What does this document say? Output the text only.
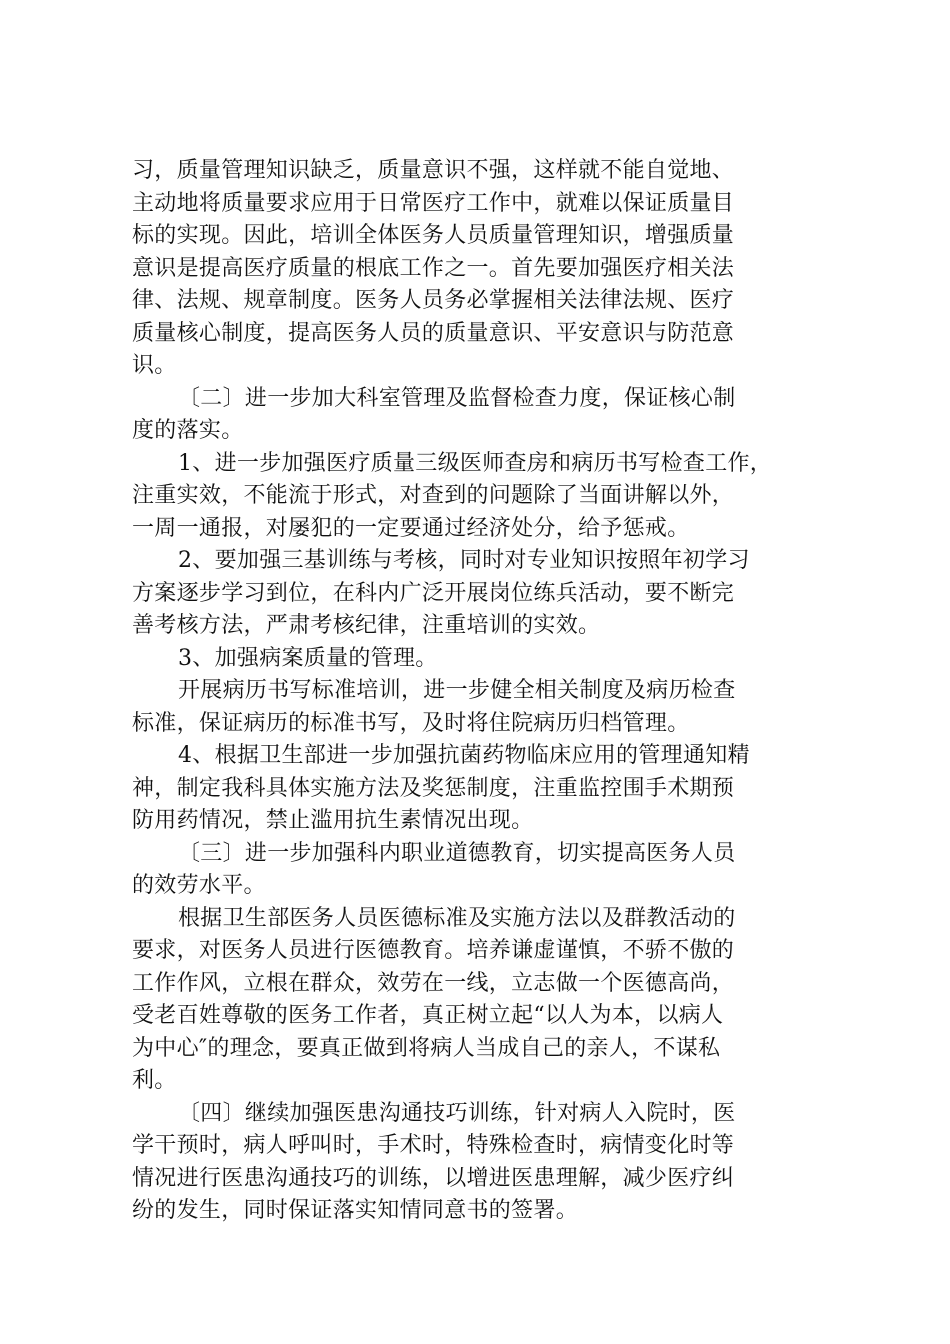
习，质量管理知识缺乏，质量意识不强，这样就不能自觉地、
主动地将质量要求应用于日常医疗工作中，就难以保证质量目
标的实现。因此，培训全体医务人员质量管理知识，增强质量
意识是提高医疗质量的根底工作之一。首先要加强医疗相关法
律、法规、规章制度。医务人员务必掌握相关法律法规、医疗
质量核心制度，提高医务人员的质量意识、平安意识与防范意
识。
〔二〕进一步加大科室管理及监督检查力度，保证核心制
度的落实。
1、进一步加强医疗质量三级医师查房和病历书写检查工作，
注重实效，不能流于形式，对查到的问题除了当面讲解以外，
一周一通报，对屡犯的一定要通过经济处分，给予惩戒。
2、要加强三基训练与考核，同时对专业知识按照年初学习
方案逐步学习到位，在科内广泛开展岗位练兵活动，要不断完
善考核方法，严肃考核纪律，注重培训的实效。
3、加强病案质量的管理。
开展病历书写标准培训，进一步健全相关制度及病历检查
标准，保证病历的标准书写，及时将住院病历归档管理。
4、根据卫生部进一步加强抗菌药物临床应用的管理通知精
神，制定我科具体实施方法及奖惩制度，注重监控围手术期预
防用药情况，禁止滥用抗生素情况出现。
〔三〕进一步加强科内职业道德教育，切实提高医务人员
的效劳水平。
根据卫生部医务人员医德标准及实施方法以及群教活动的
要求，对医务人员进行医德教育。培养谦虚谨慎，不骄不傲的
工作作风，立根在群众，效劳在一线，立志做一个医德高尚，
受老百姓尊敬的医务工作者，真正树立起“以人为本，以病人
为中心″的理念，要真正做到将病人当成自己的亲人，不谋私
利。
〔四〕继续加强医患沟通技巧训练，针对病人入院时，医
学干预时，病人呼叫时，手术时，特殊检查时，病情变化时等
情况进行医患沟通技巧的训练，以增进医患理解，减少医疗纠
纷的发生，同时保证落实知情同意书的签署。
